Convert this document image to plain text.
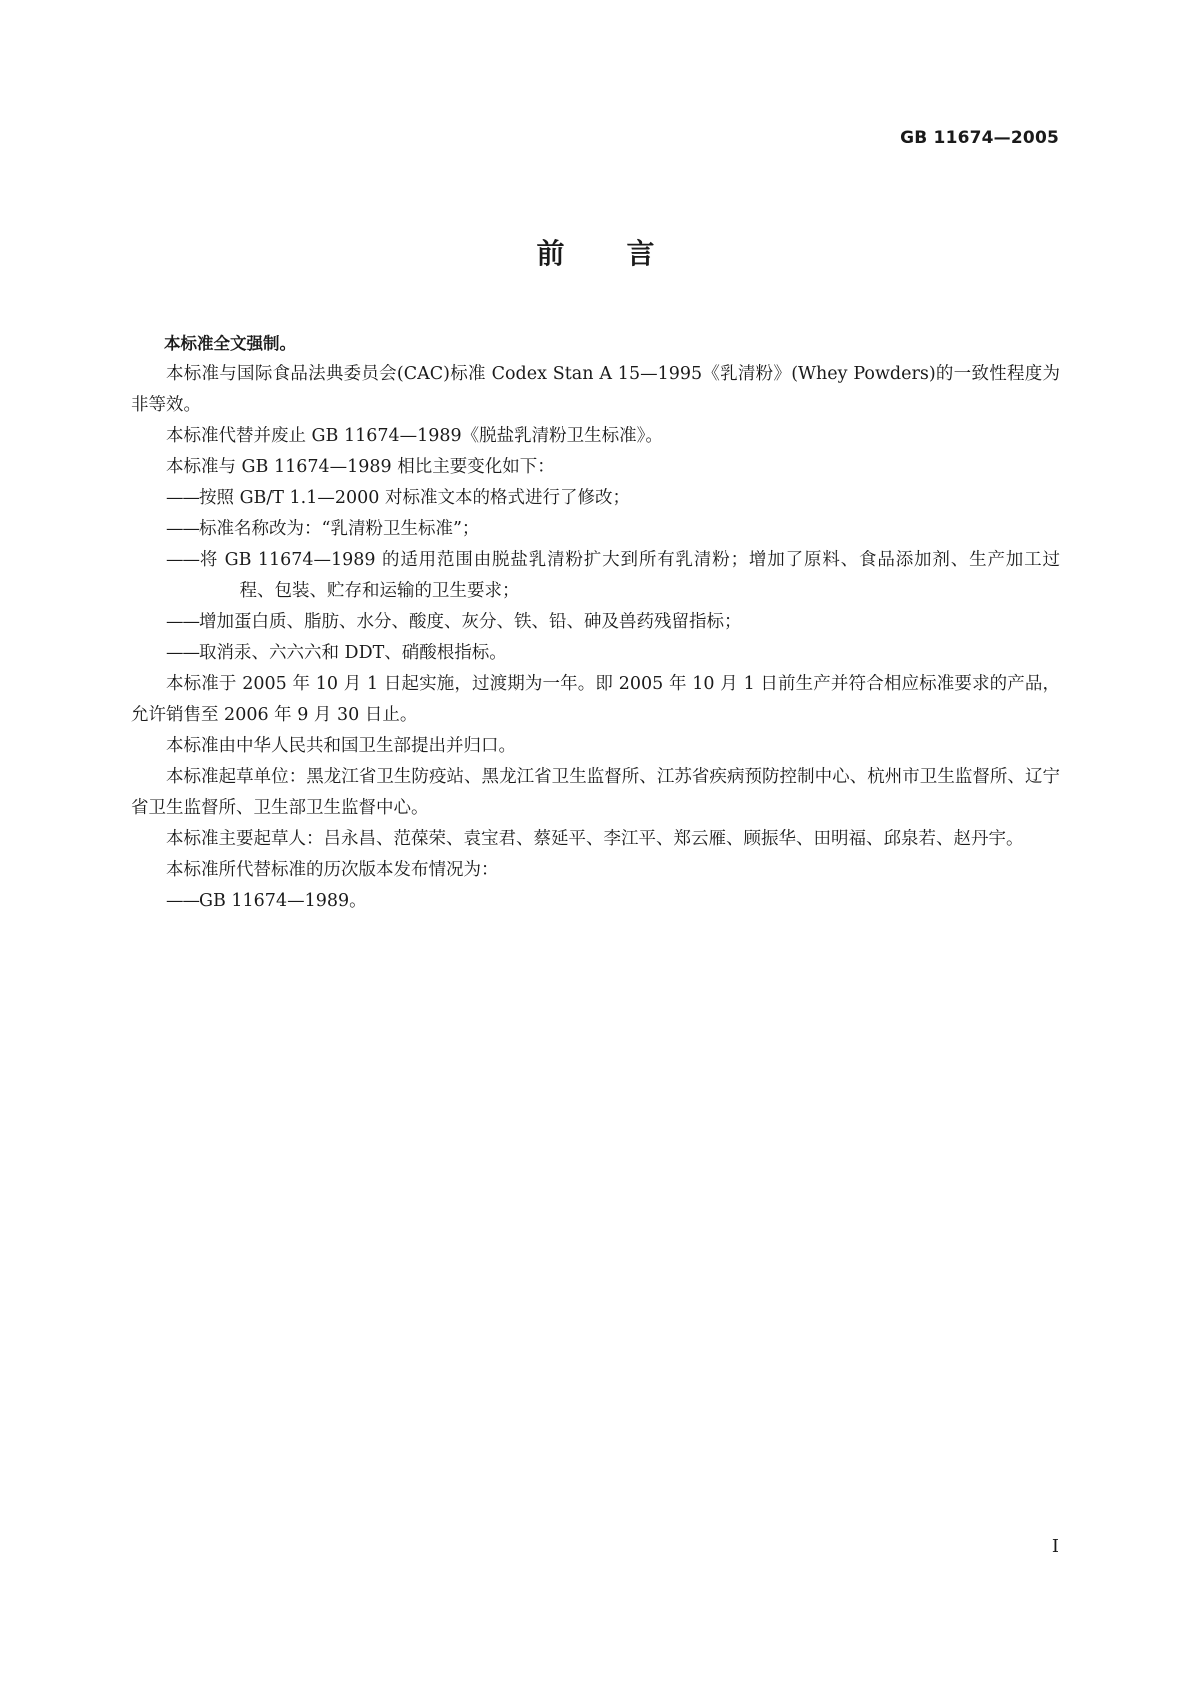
GB 11674—2005
前言

本标准全文强制。

本标准与国际食品法典委员会(CAC)标准 Codex Stan A 15—1995《乳清粉》(Whey Powders)的一致性程度为非等效。

本标准代替并废止 GB 11674—1989《脱盐乳清粉卫生标准》。

本标准与 GB 11674—1989 相比主要变化如下：

——按照 GB/T 1.1—2000 对标准文本的格式进行了修改；
——标准名称改为：“乳清粉卫生标准”；
——将 GB 11674—1989 的适用范围由脱盐乳清粉扩大到所有乳清粉；增加了原料、食品添加剂、生产加工过程、包装、贮存和运输的卫生要求；
——增加蛋白质、脂肪、水分、酸度、灰分、铁、铅、砷及兽药残留指标；
——取消汞、六六六和 DDT、硝酸根指标。

本标准于 2005 年 10 月 1 日起实施，过渡期为一年。即 2005 年 10 月 1 日前生产并符合相应标准要求的产品，允许销售至 2006 年 9 月 30 日止。

本标准由中华人民共和国卫生部提出并归口。

本标准起草单位：黑龙江省卫生防疫站、黑龙江省卫生监督所、江苏省疾病预防控制中心、杭州市卫生监督所、辽宁省卫生监督所、卫生部卫生监督中心。

本标准主要起草人：吕永昌、范葆荣、袁宝君、蔡延平、李江平、郑云雁、顾振华、田明福、邱泉若、赵丹宇。

本标准所代替标准的历次版本发布情况为：

——GB 11674—1989。
I
